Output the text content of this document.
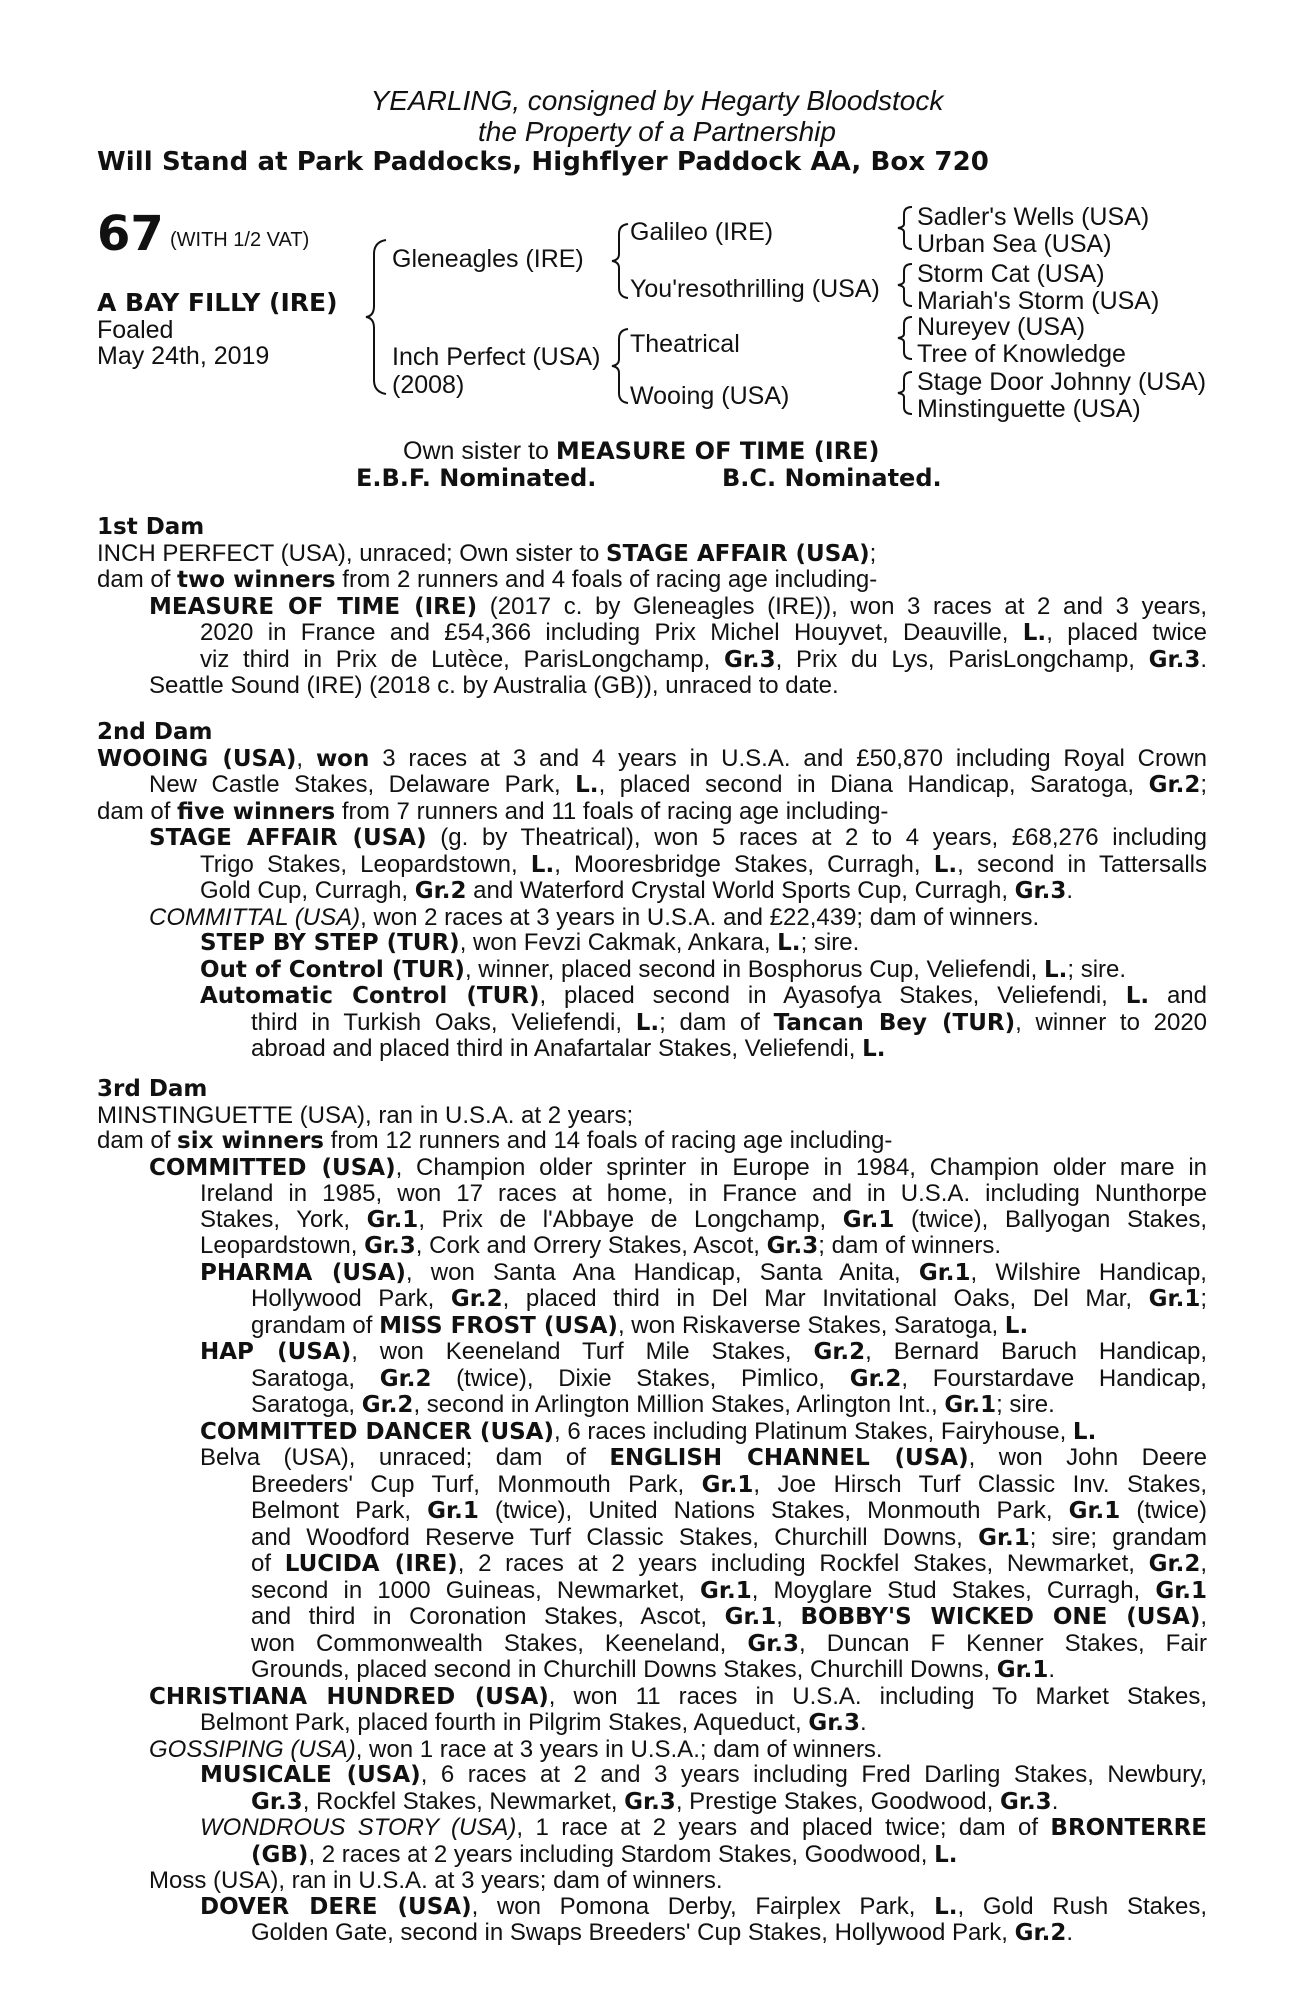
YEARLING, consigned by Hegarty Bloodstock
the Property of a Partnership
Will Stand at Park Paddocks, Highflyer Paddock AA, Box 720
67 (WITH 1/2 VAT)
A BAY FILLY (IRE)
Foaled
May 24th, 2019
Gleneagles (IRE)
Inch Perfect (USA)
(2008)
Galileo (IRE)
You'resothrilling (USA)
Theatrical
Wooing (USA)
Sadler's Wells (USA)
Urban Sea (USA)
Storm Cat (USA)
Mariah's Storm (USA)
Nureyev (USA)
Tree of Knowledge
Stage Door Johnny (USA)
Minstinguette (USA)
Own sister to MEASURE OF TIME (IRE)
E.B.F. Nominated.	B.C. Nominated.
1st Dam
INCH PERFECT (USA), unraced; Own sister to STAGE AFFAIR (USA);
dam of two winners from 2 runners and 4 foals of racing age including-
MEASURE OF TIME (IRE) (2017 c. by Gleneagles (IRE)), won 3 races at 2 and 3 years,
2020 in France and £54,366 including Prix Michel Houyvet, Deauville, L., placed twice
viz third in Prix de Lutèce, ParisLongchamp, Gr.3, Prix du Lys, ParisLongchamp, Gr.3.
Seattle Sound (IRE) (2018 c. by Australia (GB)), unraced to date.
2nd Dam
WOOING (USA), won 3 races at 3 and 4 years in U.S.A. and £50,870 including Royal Crown
New Castle Stakes, Delaware Park, L., placed second in Diana Handicap, Saratoga, Gr.2;
dam of five winners from 7 runners and 11 foals of racing age including-
STAGE AFFAIR (USA) (g. by Theatrical), won 5 races at 2 to 4 years, £68,276 including
Trigo Stakes, Leopardstown, L., Mooresbridge Stakes, Curragh, L., second in Tattersalls
Gold Cup, Curragh, Gr.2 and Waterford Crystal World Sports Cup, Curragh, Gr.3.
COMMITTAL (USA), won 2 races at 3 years in U.S.A. and £22,439; dam of winners.
STEP BY STEP (TUR), won Fevzi Cakmak, Ankara, L.; sire.
Out of Control (TUR), winner, placed second in Bosphorus Cup, Veliefendi, L.; sire.
Automatic Control (TUR), placed second in Ayasofya Stakes, Veliefendi, L. and
third in Turkish Oaks, Veliefendi, L.; dam of Tancan Bey (TUR), winner to 2020
abroad and placed third in Anafartalar Stakes, Veliefendi, L.
3rd Dam
MINSTINGUETTE (USA), ran in U.S.A. at 2 years;
dam of six winners from 12 runners and 14 foals of racing age including-
COMMITTED (USA), Champion older sprinter in Europe in 1984, Champion older mare in
Ireland in 1985, won 17 races at home, in France and in U.S.A. including Nunthorpe
Stakes, York, Gr.1, Prix de l'Abbaye de Longchamp, Gr.1 (twice), Ballyogan Stakes,
Leopardstown, Gr.3, Cork and Orrery Stakes, Ascot, Gr.3; dam of winners.
PHARMA (USA), won Santa Ana Handicap, Santa Anita, Gr.1, Wilshire Handicap,
Hollywood Park, Gr.2, placed third in Del Mar Invitational Oaks, Del Mar, Gr.1;
grandam of MISS FROST (USA), won Riskaverse Stakes, Saratoga, L.
HAP (USA), won Keeneland Turf Mile Stakes, Gr.2, Bernard Baruch Handicap,
Saratoga, Gr.2 (twice), Dixie Stakes, Pimlico, Gr.2, Fourstardave Handicap,
Saratoga, Gr.2, second in Arlington Million Stakes, Arlington Int., Gr.1; sire.
COMMITTED DANCER (USA), 6 races including Platinum Stakes, Fairyhouse, L.
Belva (USA), unraced; dam of ENGLISH CHANNEL (USA), won John Deere
Breeders' Cup Turf, Monmouth Park, Gr.1, Joe Hirsch Turf Classic Inv. Stakes,
Belmont Park, Gr.1 (twice), United Nations Stakes, Monmouth Park, Gr.1 (twice)
and Woodford Reserve Turf Classic Stakes, Churchill Downs, Gr.1; sire; grandam
of LUCIDA (IRE), 2 races at 2 years including Rockfel Stakes, Newmarket, Gr.2,
second in 1000 Guineas, Newmarket, Gr.1, Moyglare Stud Stakes, Curragh, Gr.1
and third in Coronation Stakes, Ascot, Gr.1, BOBBY'S WICKED ONE (USA),
won Commonwealth Stakes, Keeneland, Gr.3, Duncan F Kenner Stakes, Fair
Grounds, placed second in Churchill Downs Stakes, Churchill Downs, Gr.1.
CHRISTIANA HUNDRED (USA), won 11 races in U.S.A. including To Market Stakes,
Belmont Park, placed fourth in Pilgrim Stakes, Aqueduct, Gr.3.
GOSSIPING (USA), won 1 race at 3 years in U.S.A.; dam of winners.
MUSICALE (USA), 6 races at 2 and 3 years including Fred Darling Stakes, Newbury,
Gr.3, Rockfel Stakes, Newmarket, Gr.3, Prestige Stakes, Goodwood, Gr.3.
WONDROUS STORY (USA), 1 race at 2 years and placed twice; dam of BRONTERRE
(GB), 2 races at 2 years including Stardom Stakes, Goodwood, L.
Moss (USA), ran in U.S.A. at 3 years; dam of winners.
DOVER DERE (USA), won Pomona Derby, Fairplex Park, L., Gold Rush Stakes,
Golden Gate, second in Swaps Breeders' Cup Stakes, Hollywood Park, Gr.2.
